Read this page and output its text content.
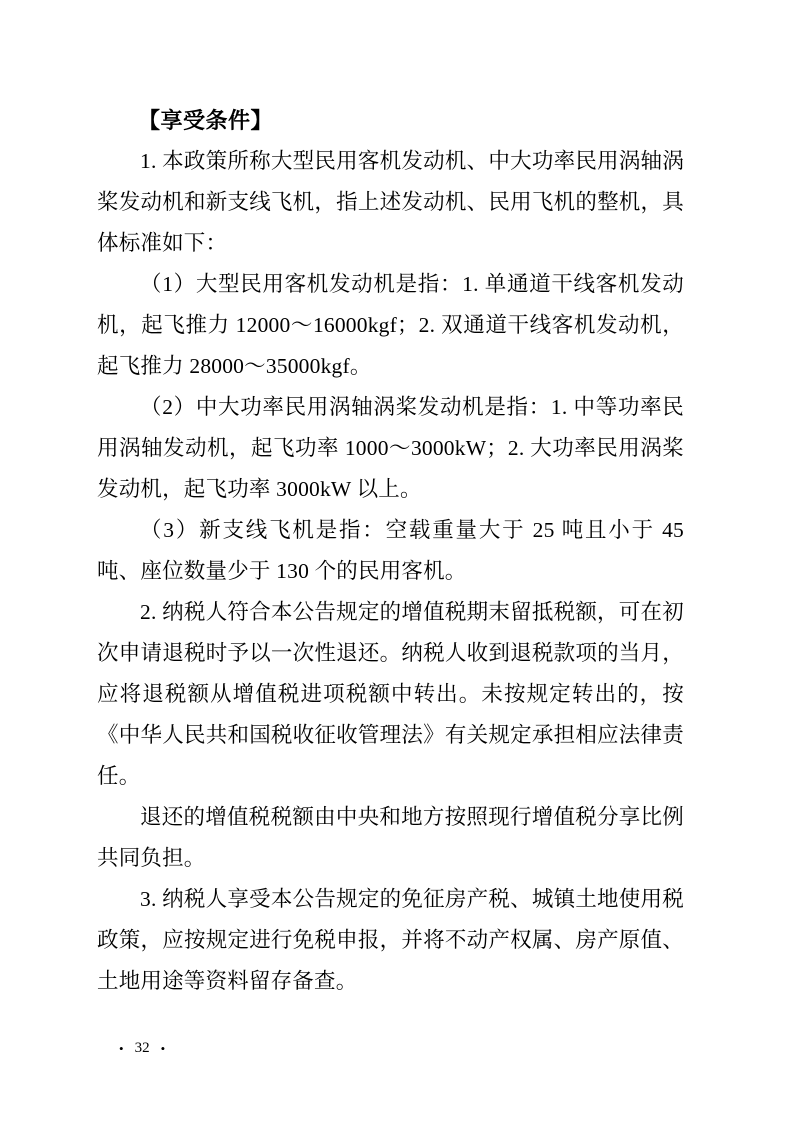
【享受条件】

1. 本政策所称大型民用客机发动机、中大功率民用涡轴涡桨发动机和新支线飞机，指上述发动机、民用飞机的整机，具体标准如下：

（1）大型民用客机发动机是指：1. 单通道干线客机发动机，起飞推力 12000～16000kgf；2. 双通道干线客机发动机，起飞推力 28000～35000kgf。

（2）中大功率民用涡轴涡桨发动机是指：1. 中等功率民用涡轴发动机，起飞功率 1000～3000kW；2. 大功率民用涡桨发动机，起飞功率 3000kW 以上。

（3）新支线飞机是指：空载重量大于 25 吨且小于 45 吨、座位数量少于 130 个的民用客机。

2. 纳税人符合本公告规定的增值税期末留抵税额，可在初次申请退税时予以一次性退还。纳税人收到退税款项的当月，应将退税额从增值税进项税额中转出。未按规定转出的，按《中华人民共和国税收征收管理法》有关规定承担相应法律责任。

退还的增值税税额由中央和地方按照现行增值税分享比例共同负担。

3. 纳税人享受本公告规定的免征房产税、城镇土地使用税政策，应按规定进行免税申报，并将不动产权属、房产原值、土地用途等资料留存备查。

• 32 •
